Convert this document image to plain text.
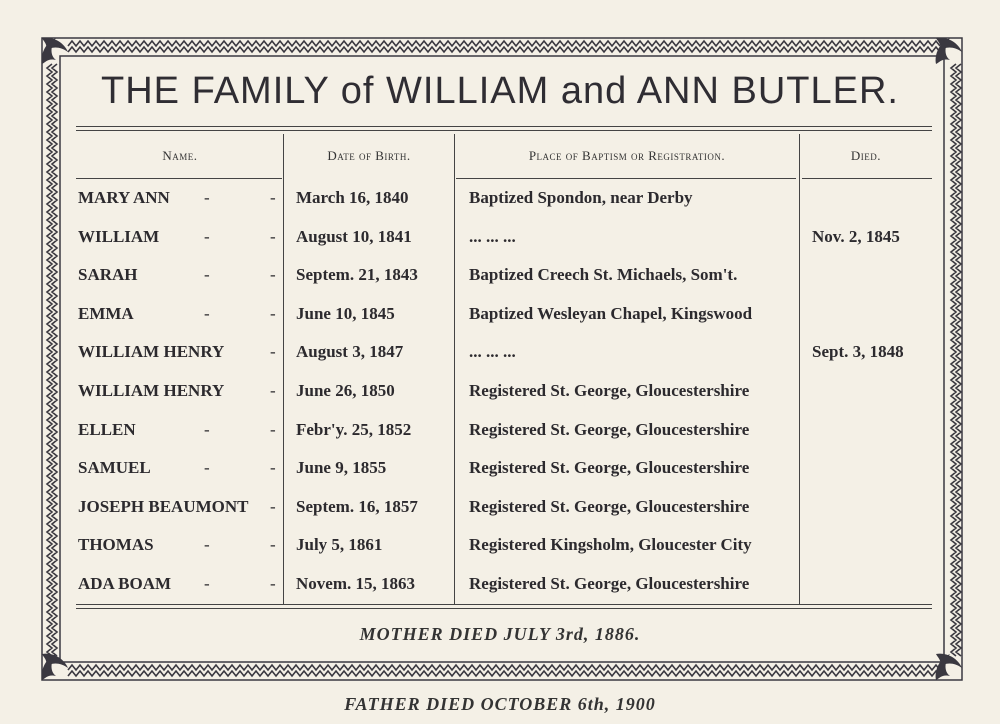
THE FAMILY of WILLIAM and ANN BUTLER.
Name.	Date of Birth.	Place of Baptism or Registration.	Died.
MARY ANN -	- March 16, 1840	Baptized Spondon, near Derby
WILLIAM	-	- August 10, 1841	... ... ...	Nov. 2, 1845
SARAH	-	- Septem. 21, 1843	Baptized Creech St. Michaels, Som't.
EMMA	-	- June 10, 1845	Baptized Wesleyan Chapel, Kingswood
WILLIAM HENRY	- August 3, 1847	... ... ...	Sept. 3, 1848
WILLIAM HENRY	- June 26, 1850	Registered St. George, Gloucestershire
ELLEN	-	- Febr'y. 25, 1852	Registered St. George, Gloucestershire
SAMUEL	-	- June 9, 1855	Registered St. George, Gloucestershire
JOSEPH BEAUMONT - Septem. 16, 1857	Registered St. George, Gloucestershire
THOMAS	-	- July 5, 1861	Registered Kingsholm, Gloucester City
ADA BOAM -	- Novem. 15, 1863	Registered St. George, Gloucestershire
MOTHER DIED JULY 3rd, 1886.
FATHER DIED OCTOBER 6th, 1900
